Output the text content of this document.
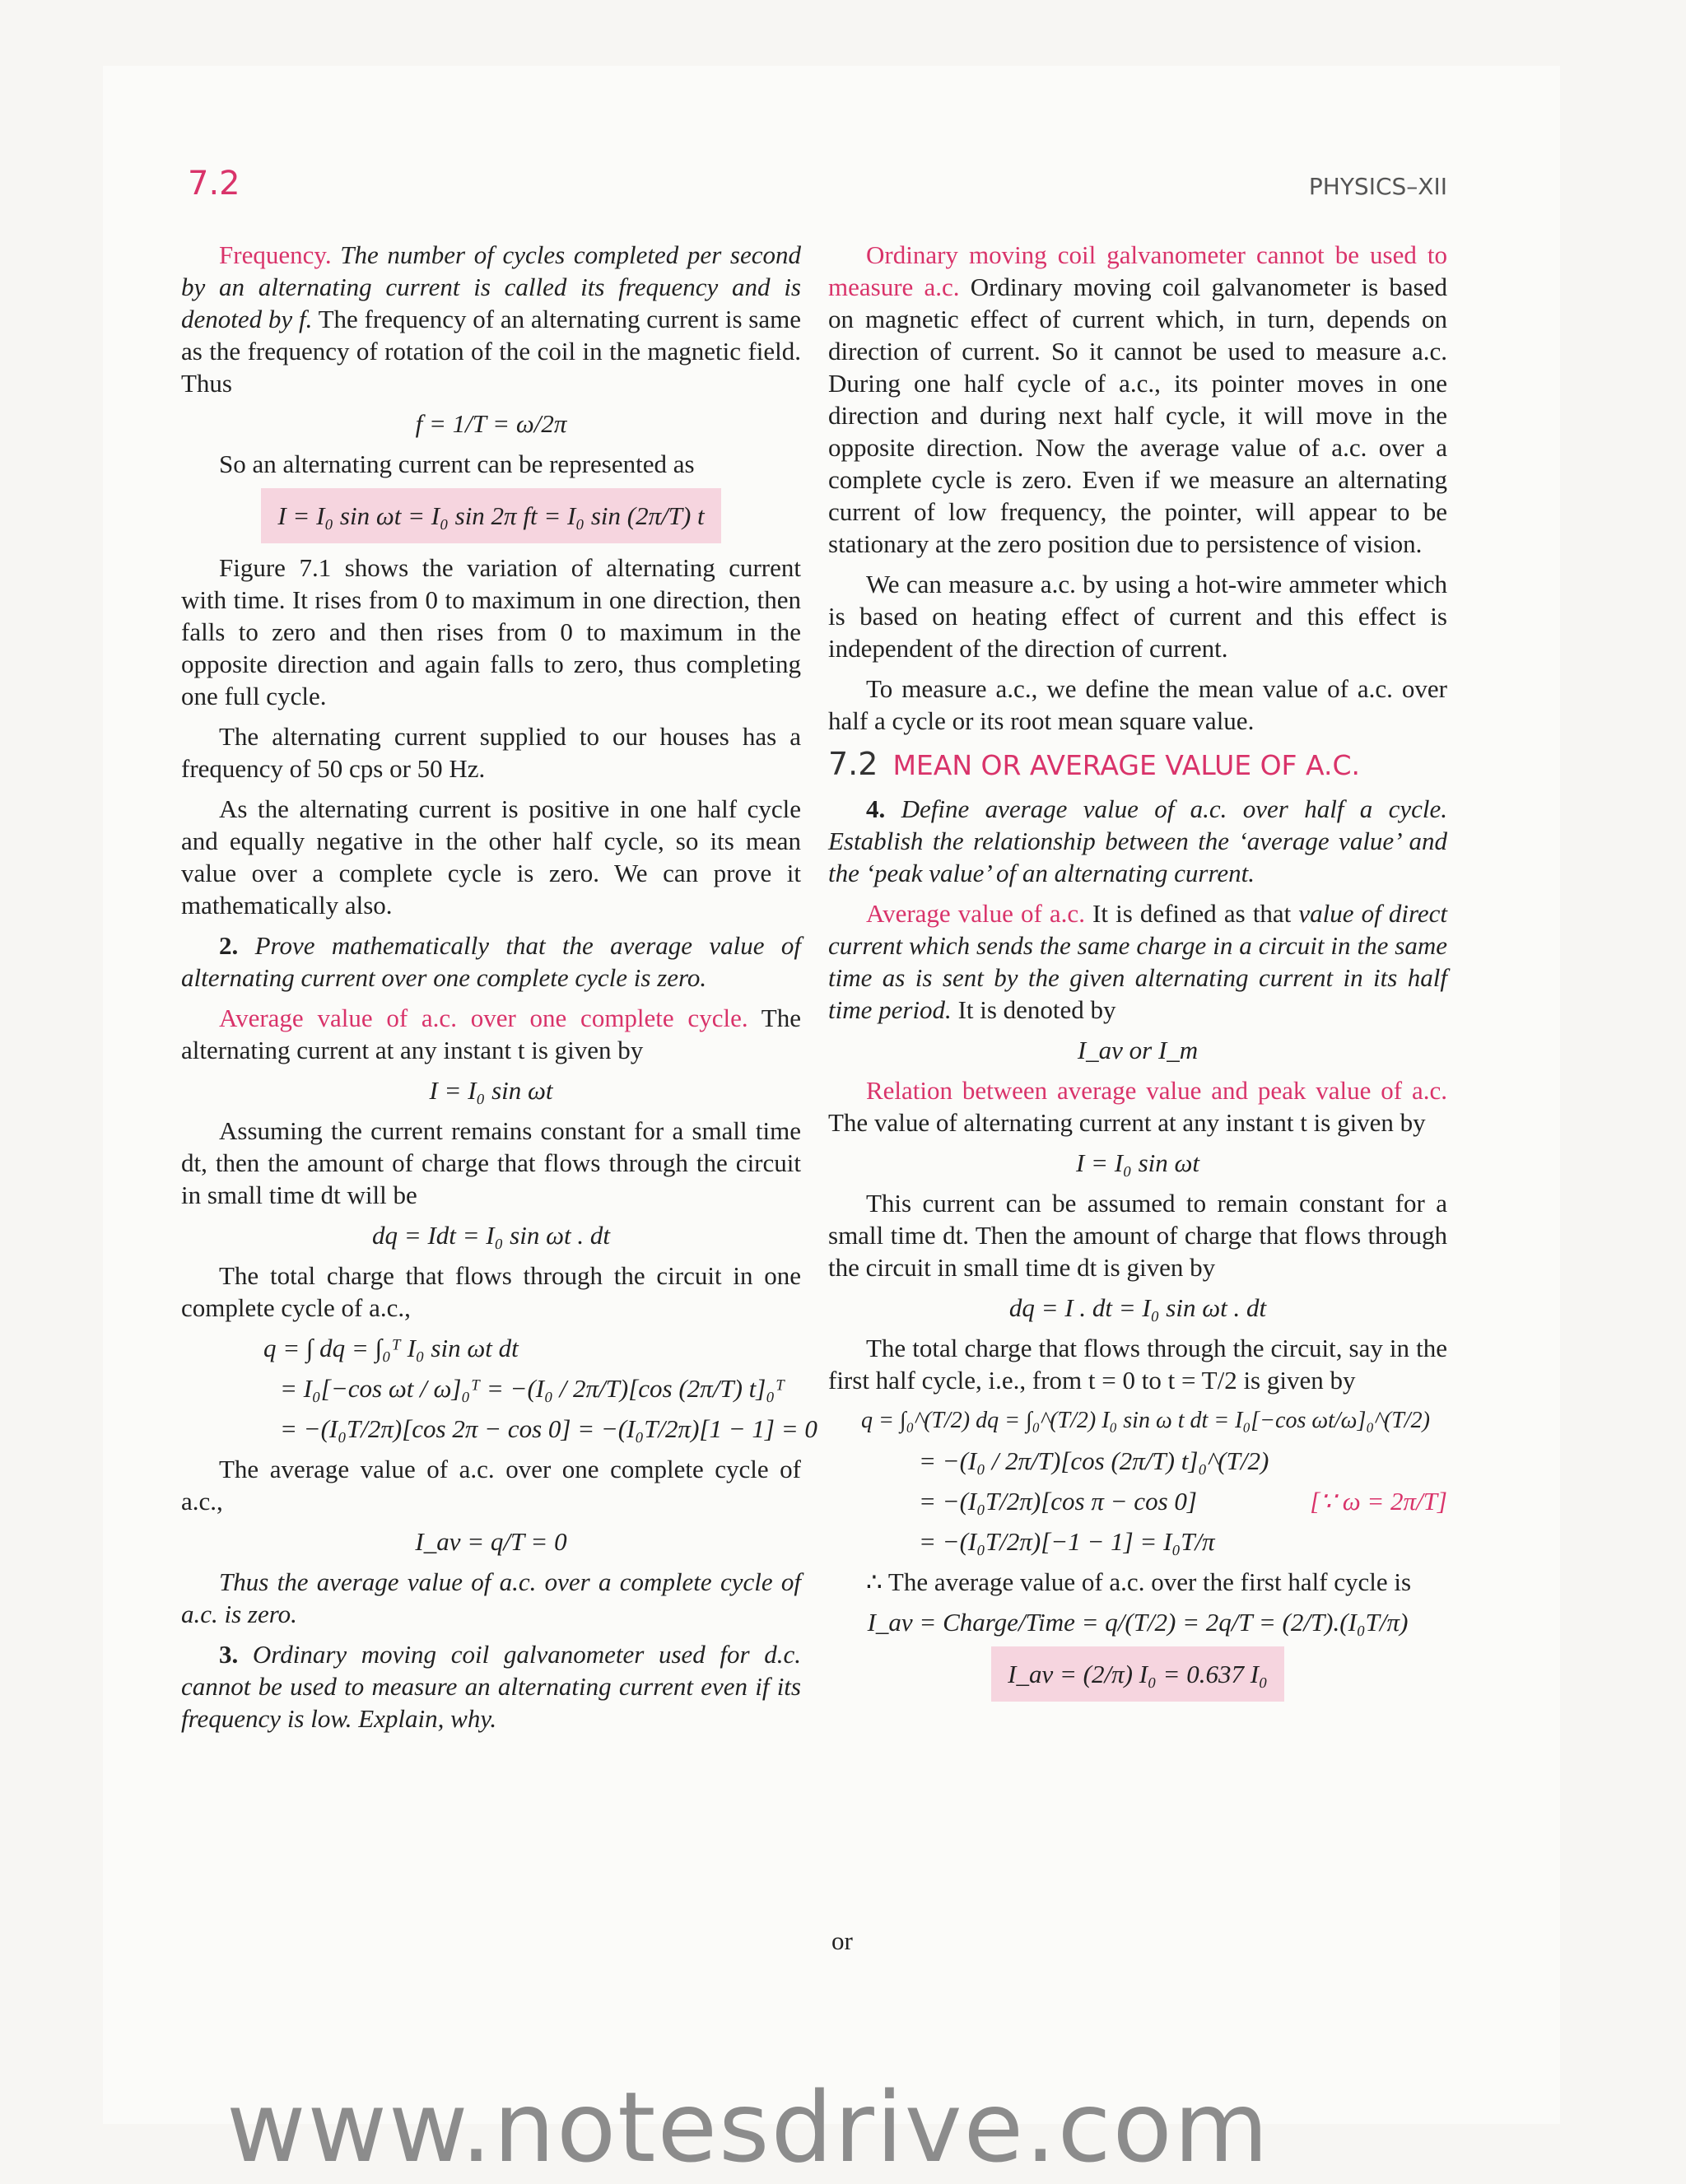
7.2	PHYSICS–XII

Frequency. The number of cycles completed per second by an alternating current is called its frequency and is denoted by f. The frequency of an alternating current is same as the frequency of rotation of the coil in the magnetic field. Thus

f = 1/T = ω/2π

So an alternating current can be represented as

I = I₀ sin ωt = I₀ sin 2π ft = I₀ sin (2π/T) t

Figure 7.1 shows the variation of alternating current with time. It rises from 0 to maximum in one direction, then falls to zero and then rises from 0 to maximum in the opposite direction and again falls to zero, thus completing one full cycle.

The alternating current supplied to our houses has a frequency of 50 cps or 50 Hz.

As the alternating current is positive in one half cycle and equally negative in the other half cycle, so its mean value over a complete cycle is zero. We can prove it mathematically also.

2. Prove mathematically that the average value of alternating current over one complete cycle is zero.

Average value of a.c. over one complete cycle. The alternating current at any instant t is given by

I = I₀ sin ωt

Assuming the current remains constant for a small time dt, then the amount of charge that flows through the circuit in small time dt will be

dq = Idt = I₀ sin ωt . dt

The total charge that flows through the circuit in one complete cycle of a.c.,

q = ∫ dq = ∫₀ᵀ I₀ sin ωt dt
= I₀[−cos ωt / ω]₀ᵀ = −(I₀ / 2π/T)[cos (2π/T) t]₀ᵀ
= −(I₀T/2π)[cos 2π − cos 0] = −(I₀T/2π)[1 − 1] = 0

The average value of a.c. over one complete cycle of a.c.,

I_av = q/T = 0

Thus the average value of a.c. over a complete cycle of a.c. is zero.

3. Ordinary moving coil galvanometer used for d.c. cannot be used to measure an alternating current even if its frequency is low. Explain, why.

Ordinary moving coil galvanometer cannot be used to measure a.c. Ordinary moving coil galvanometer is based on magnetic effect of current which, in turn, depends on direction of current. So it cannot be used to measure a.c. During one half cycle of a.c., its pointer moves in one direction and during next half cycle, it will move in the opposite direction. Now the average value of a.c. over a complete cycle is zero. Even if we measure an alternating current of low frequency, the pointer, will appear to be stationary at the zero position due to persistence of vision.

We can measure a.c. by using a hot-wire ammeter which is based on heating effect of current and this effect is independent of the direction of current.

To measure a.c., we define the mean value of a.c. over half a cycle or its root mean square value.

7.2 MEAN OR AVERAGE VALUE OF A.C.

4. Define average value of a.c. over half a cycle. Establish the relationship between the ‘average value’ and the ‘peak value’ of an alternating current.

Average value of a.c. It is defined as that value of direct current which sends the same charge in a circuit in the same time as is sent by the given alternating current in its half time period. It is denoted by

I_av or I_m

Relation between average value and peak value of a.c. The value of alternating current at any instant t is given by

I = I₀ sin ωt

This current can be assumed to remain constant for a small time dt. Then the amount of charge that flows through the circuit in small time dt is given by

dq = I . dt = I₀ sin ωt . dt

The total charge that flows through the circuit, say in the first half cycle, i.e., from t = 0 to t = T/2 is given by

q = ∫₀^(T/2) dq = ∫₀^(T/2) I₀ sin ω t dt = I₀[−cos ωt/ω]₀^(T/2)
= −(I₀ / 2π/T)[cos (2π/T) t]₀^(T/2)
= −(I₀T/2π)[cos π − cos 0]	[∵ ω = 2π/T]
= −(I₀T/2π)[−1 − 1] = I₀T/π

∴ The average value of a.c. over the first half cycle is

I_av = Charge/Time = q/(T/2) = 2q/T = (2/T).(I₀T/π)
I_av = (2/π) I₀ = 0.637 I₀
or
www.notesdrive.com
